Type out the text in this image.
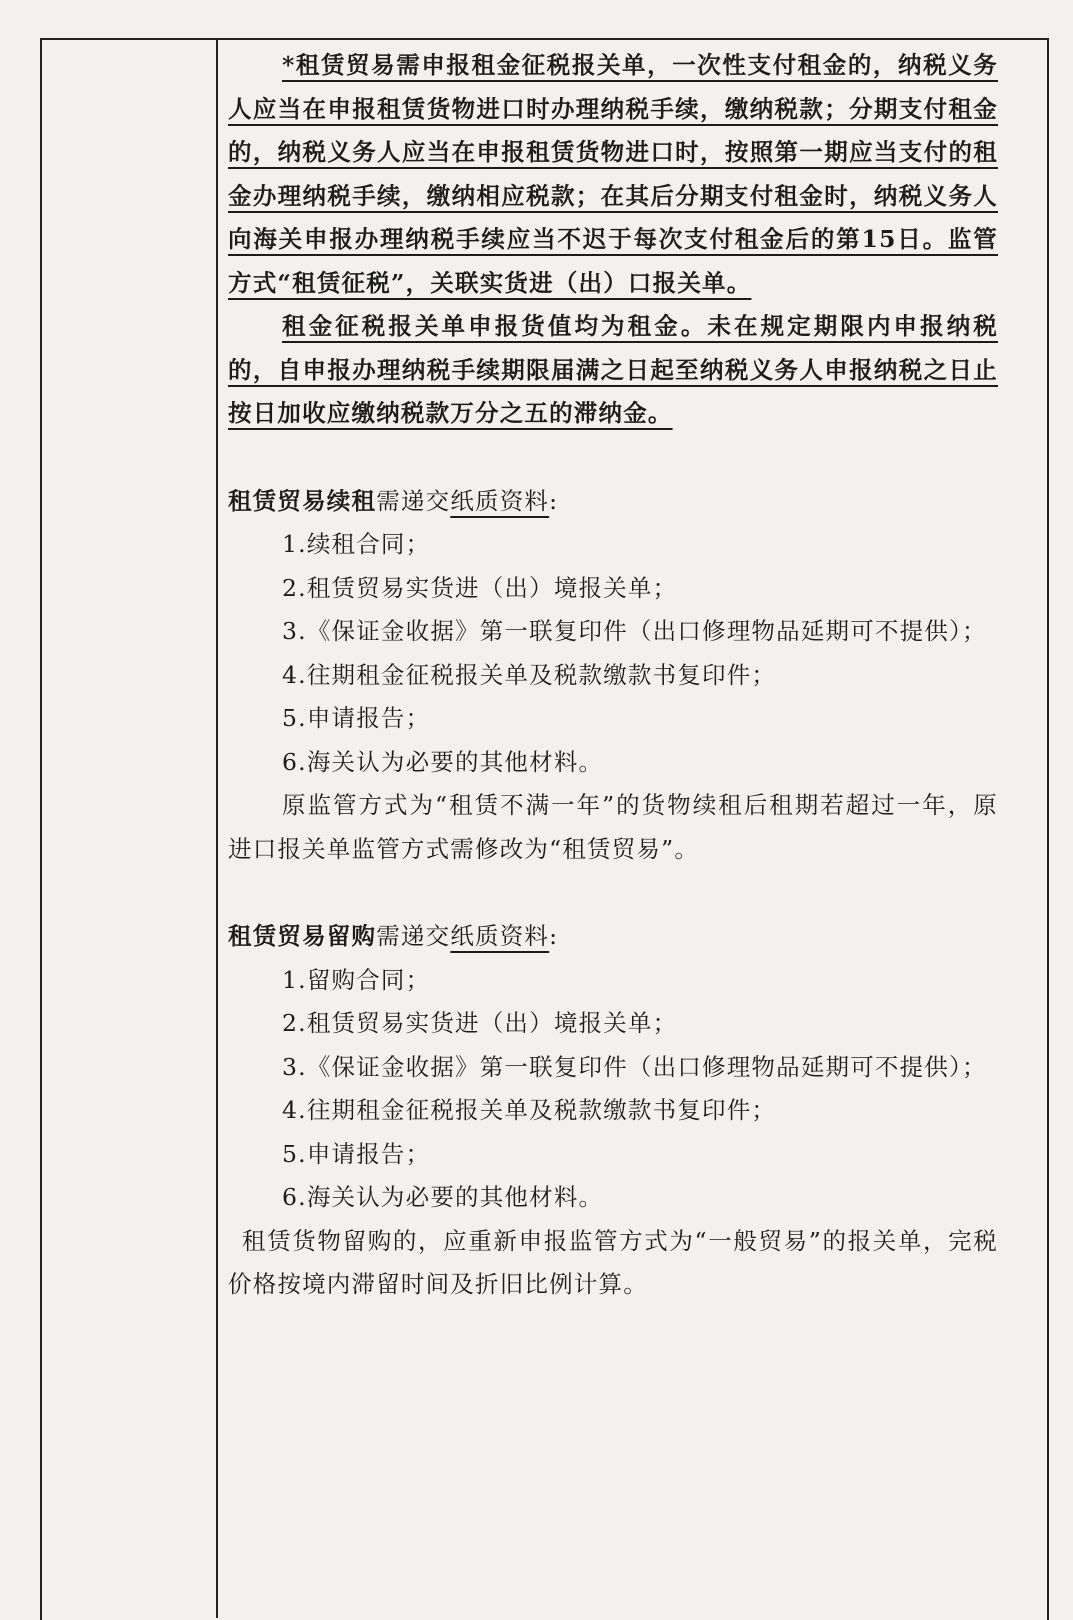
*租赁贸易需申报租金征税报关单，一次性支付租金的，纳税义务人应当在申报租赁货物进口时办理纳税手续，缴纳税款；分期支付租金的，纳税义务人应当在申报租赁货物进口时，按照第一期应当支付的租金办理纳税手续，缴纳相应税款；在其后分期支付租金时，纳税义务人向海关申报办理纳税手续应当不迟于每次支付租金后的第15日。监管方式“租赁征税”，关联实货进（出）口报关单。

租金征税报关单申报货值均为租金。未在规定期限内申报纳税的，自申报办理纳税手续期限届满之日起至纳税义务人申报纳税之日止按日加收应缴纳税款万分之五的滞纳金。

租赁贸易续租需递交纸质资料:

1.续租合同；

2.租赁贸易实货进（出）境报关单；

3.《保证金收据》第一联复印件（出口修理物品延期可不提供）；

4.往期租金征税报关单及税款缴款书复印件；

5.申请报告；

6.海关认为必要的其他材料。

原监管方式为“租赁不满一年”的货物续租后租期若超过一年，原进口报关单监管方式需修改为“租赁贸易”。

租赁贸易留购需递交纸质资料:

1.留购合同；

2.租赁贸易实货进（出）境报关单；

3.《保证金收据》第一联复印件（出口修理物品延期可不提供）；

4.往期租金征税报关单及税款缴款书复印件；

5.申请报告；

6.海关认为必要的其他材料。

租赁货物留购的，应重新申报监管方式为“一般贸易”的报关单，完税价格按境内滞留时间及折旧比例计算。
